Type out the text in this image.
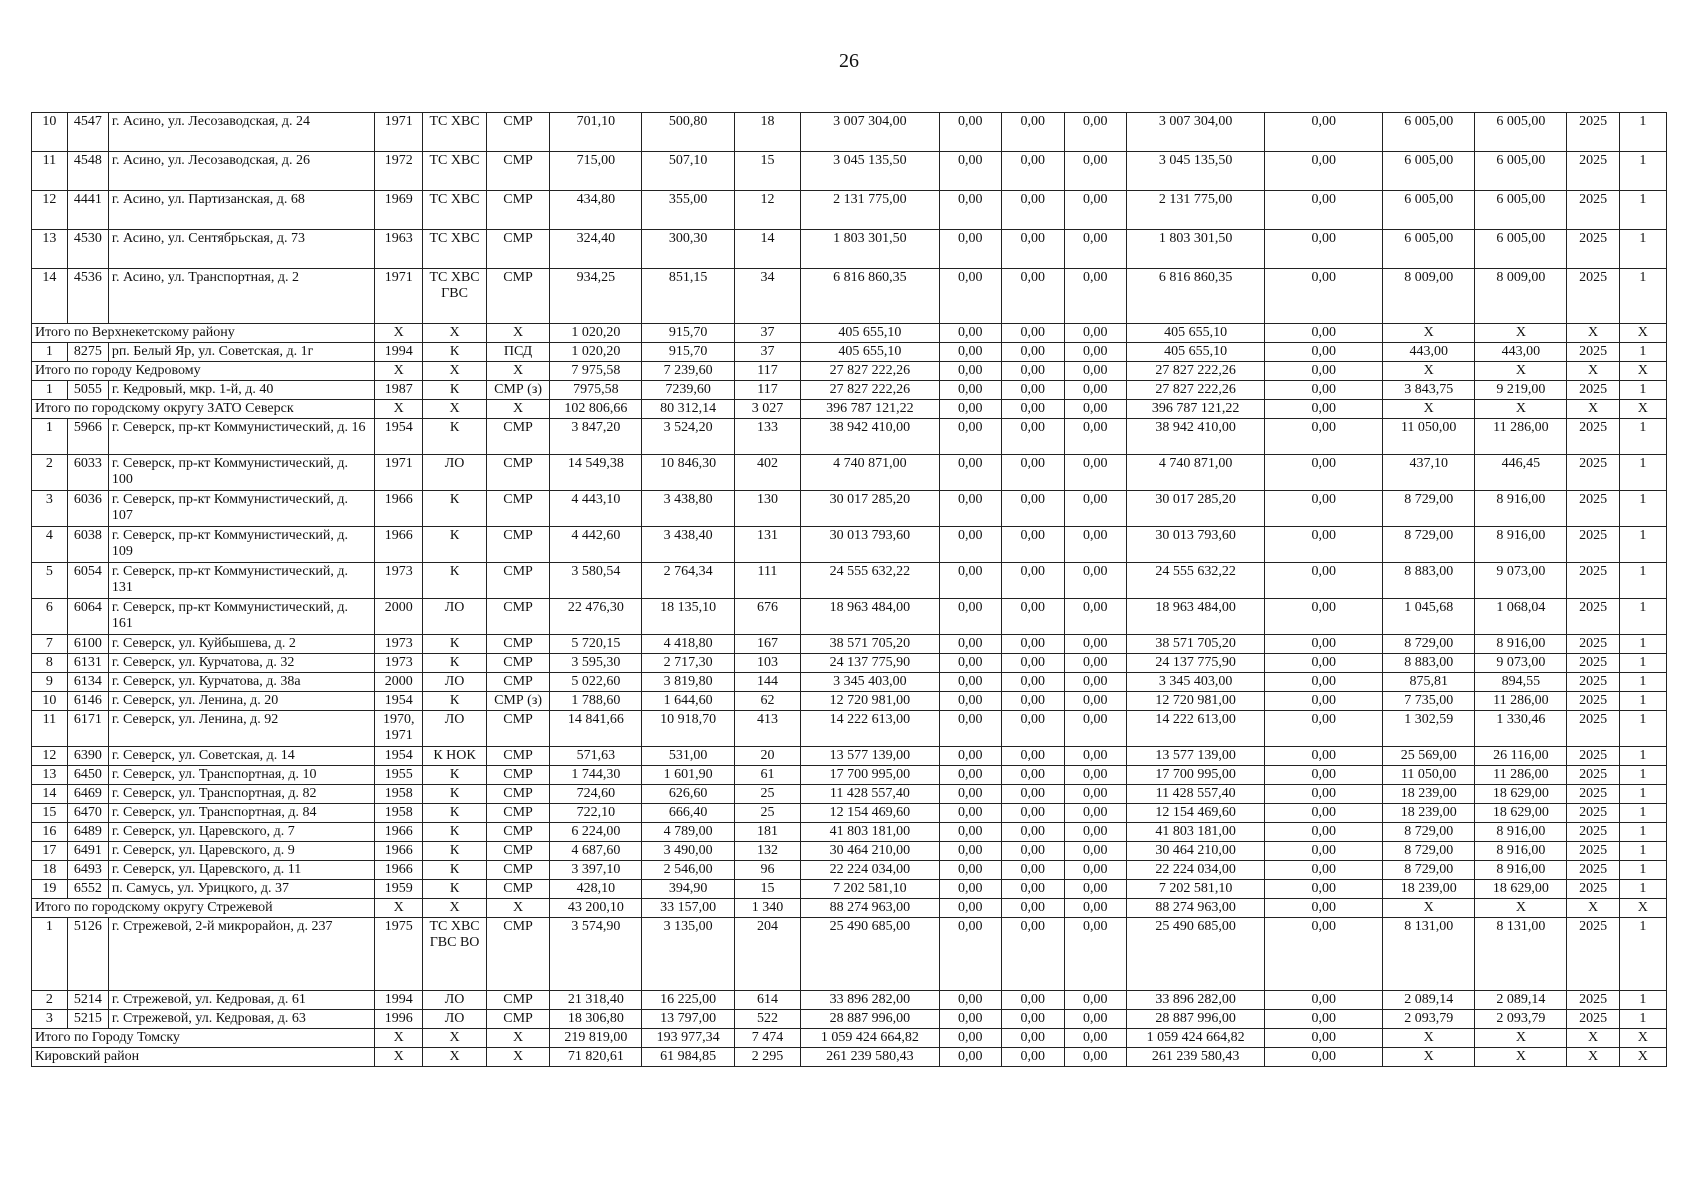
26
10	4547	г. Асино, ул. Лесозаводская, д. 24	1971	ТС ХВС	СМР	701,10	500,80	18	3 007 304,00	0,00	0,00	0,00	3 007 304,00	0,00	6 005,00	6 005,00	2025	1
11	4548	г. Асино, ул. Лесозаводская, д. 26	1972	ТС ХВС	СМР	715,00	507,10	15	3 045 135,50	0,00	0,00	0,00	3 045 135,50	0,00	6 005,00	6 005,00	2025	1
12	4441	г. Асино, ул. Партизанская, д. 68	1969	ТС ХВС	СМР	434,80	355,00	12	2 131 775,00	0,00	0,00	0,00	2 131 775,00	0,00	6 005,00	6 005,00	2025	1
13	4530	г. Асино, ул. Сентябрьская, д. 73	1963	ТС ХВС	СМР	324,40	300,30	14	1 803 301,50	0,00	0,00	0,00	1 803 301,50	0,00	6 005,00	6 005,00	2025	1
14	4536	г. Асино, ул. Транспортная, д. 2	1971	ТС ХВС ГВС	СМР	934,25	851,15	34	6 816 860,35	0,00	0,00	0,00	6 816 860,35	0,00	8 009,00	8 009,00	2025	1
Итого по Верхнекетскому району			X	X	X	1 020,20	915,70	37	405 655,10	0,00	0,00	0,00	405 655,10	0,00	X	X	X	X
1	8275	рп. Белый Яр, ул. Советская, д. 1г	1994	К	ПСД	1 020,20	915,70	37	405 655,10	0,00	0,00	0,00	405 655,10	0,00	443,00	443,00	2025	1
Итого по городу Кедровому			X	X	X	7 975,58	7 239,60	117	27 827 222,26	0,00	0,00	0,00	27 827 222,26	0,00	X	X	X	X
1	5055	г. Кедровый, мкр. 1-й, д. 40	1987	К	СМР (з)	7975,58	7239,60	117	27 827 222,26	0,00	0,00	0,00	27 827 222,26	0,00	3 843,75	9 219,00	2025	1
Итого по городскому округу ЗАТО Северск			X	X	X	102 806,66	80 312,14	3 027	396 787 121,22	0,00	0,00	0,00	396 787 121,22	0,00	X	X	X	X
1	5966	г. Северск, пр-кт Коммунистический, д. 16	1954	К	СМР	3 847,20	3 524,20	133	38 942 410,00	0,00	0,00	0,00	38 942 410,00	0,00	11 050,00	11 286,00	2025	1
2	6033	г. Северск, пр-кт Коммунистический, д. 100	1971	ЛО	СМР	14 549,38	10 846,30	402	4 740 871,00	0,00	0,00	0,00	4 740 871,00	0,00	437,10	446,45	2025	1
3	6036	г. Северск, пр-кт Коммунистический, д. 107	1966	К	СМР	4 443,10	3 438,80	130	30 017 285,20	0,00	0,00	0,00	30 017 285,20	0,00	8 729,00	8 916,00	2025	1
4	6038	г. Северск, пр-кт Коммунистический, д. 109	1966	К	СМР	4 442,60	3 438,40	131	30 013 793,60	0,00	0,00	0,00	30 013 793,60	0,00	8 729,00	8 916,00	2025	1
5	6054	г. Северск, пр-кт Коммунистический, д. 131	1973	К	СМР	3 580,54	2 764,34	111	24 555 632,22	0,00	0,00	0,00	24 555 632,22	0,00	8 883,00	9 073,00	2025	1
6	6064	г. Северск, пр-кт Коммунистический, д. 161	2000	ЛО	СМР	22 476,30	18 135,10	676	18 963 484,00	0,00	0,00	0,00	18 963 484,00	0,00	1 045,68	1 068,04	2025	1
7	6100	г. Северск, ул. Куйбышева, д. 2	1973	К	СМР	5 720,15	4 418,80	167	38 571 705,20	0,00	0,00	0,00	38 571 705,20	0,00	8 729,00	8 916,00	2025	1
8	6131	г. Северск, ул. Курчатова, д. 32	1973	К	СМР	3 595,30	2 717,30	103	24 137 775,90	0,00	0,00	0,00	24 137 775,90	0,00	8 883,00	9 073,00	2025	1
9	6134	г. Северск, ул. Курчатова, д. 38а	2000	ЛО	СМР	5 022,60	3 819,80	144	3 345 403,00	0,00	0,00	0,00	3 345 403,00	0,00	875,81	894,55	2025	1
10	6146	г. Северск, ул. Ленина, д. 20	1954	К	СМР (з)	1 788,60	1 644,60	62	12 720 981,00	0,00	0,00	0,00	12 720 981,00	0,00	7 735,00	11 286,00	2025	1
11	6171	г. Северск, ул. Ленина, д. 92	1970, 1971	ЛО	СМР	14 841,66	10 918,70	413	14 222 613,00	0,00	0,00	0,00	14 222 613,00	0,00	1 302,59	1 330,46	2025	1
12	6390	г. Северск, ул. Советская, д. 14	1954	К НОК	СМР	571,63	531,00	20	13 577 139,00	0,00	0,00	0,00	13 577 139,00	0,00	25 569,00	26 116,00	2025	1
13	6450	г. Северск, ул. Транспортная, д. 10	1955	К	СМР	1 744,30	1 601,90	61	17 700 995,00	0,00	0,00	0,00	17 700 995,00	0,00	11 050,00	11 286,00	2025	1
14	6469	г. Северск, ул. Транспортная, д. 82	1958	К	СМР	724,60	626,60	25	11 428 557,40	0,00	0,00	0,00	11 428 557,40	0,00	18 239,00	18 629,00	2025	1
15	6470	г. Северск, ул. Транспортная, д. 84	1958	К	СМР	722,10	666,40	25	12 154 469,60	0,00	0,00	0,00	12 154 469,60	0,00	18 239,00	18 629,00	2025	1
16	6489	г. Северск, ул. Царевского, д. 7	1966	К	СМР	6 224,00	4 789,00	181	41 803 181,00	0,00	0,00	0,00	41 803 181,00	0,00	8 729,00	8 916,00	2025	1
17	6491	г. Северск, ул. Царевского, д. 9	1966	К	СМР	4 687,60	3 490,00	132	30 464 210,00	0,00	0,00	0,00	30 464 210,00	0,00	8 729,00	8 916,00	2025	1
18	6493	г. Северск, ул. Царевского, д. 11	1966	К	СМР	3 397,10	2 546,00	96	22 224 034,00	0,00	0,00	0,00	22 224 034,00	0,00	8 729,00	8 916,00	2025	1
19	6552	п. Самусь, ул. Урицкого, д. 37	1959	К	СМР	428,10	394,90	15	7 202 581,10	0,00	0,00	0,00	7 202 581,10	0,00	18 239,00	18 629,00	2025	1
Итого по городскому округу Стрежевой			X	X	X	43 200,10	33 157,00	1 340	88 274 963,00	0,00	0,00	0,00	88 274 963,00	0,00	X	X	X	X
1	5126	г. Стрежевой, 2-й микрорайон, д. 237	1975	ТС ХВС ГВС ВО	СМР	3 574,90	3 135,00	204	25 490 685,00	0,00	0,00	0,00	25 490 685,00	0,00	8 131,00	8 131,00	2025	1
2	5214	г. Стрежевой, ул. Кедровая, д. 61	1994	ЛО	СМР	21 318,40	16 225,00	614	33 896 282,00	0,00	0,00	0,00	33 896 282,00	0,00	2 089,14	2 089,14	2025	1
3	5215	г. Стрежевой, ул. Кедровая, д. 63	1996	ЛО	СМР	18 306,80	13 797,00	522	28 887 996,00	0,00	0,00	0,00	28 887 996,00	0,00	2 093,79	2 093,79	2025	1
Итого по Городу Томску			X	X	X	219 819,00	193 977,34	7 474	1 059 424 664,82	0,00	0,00	0,00	1 059 424 664,82	0,00	X	X	X	X
Кировский район			X	X	X	71 820,61	61 984,85	2 295	261 239 580,43	0,00	0,00	0,00	261 239 580,43	0,00	X	X	X	X
